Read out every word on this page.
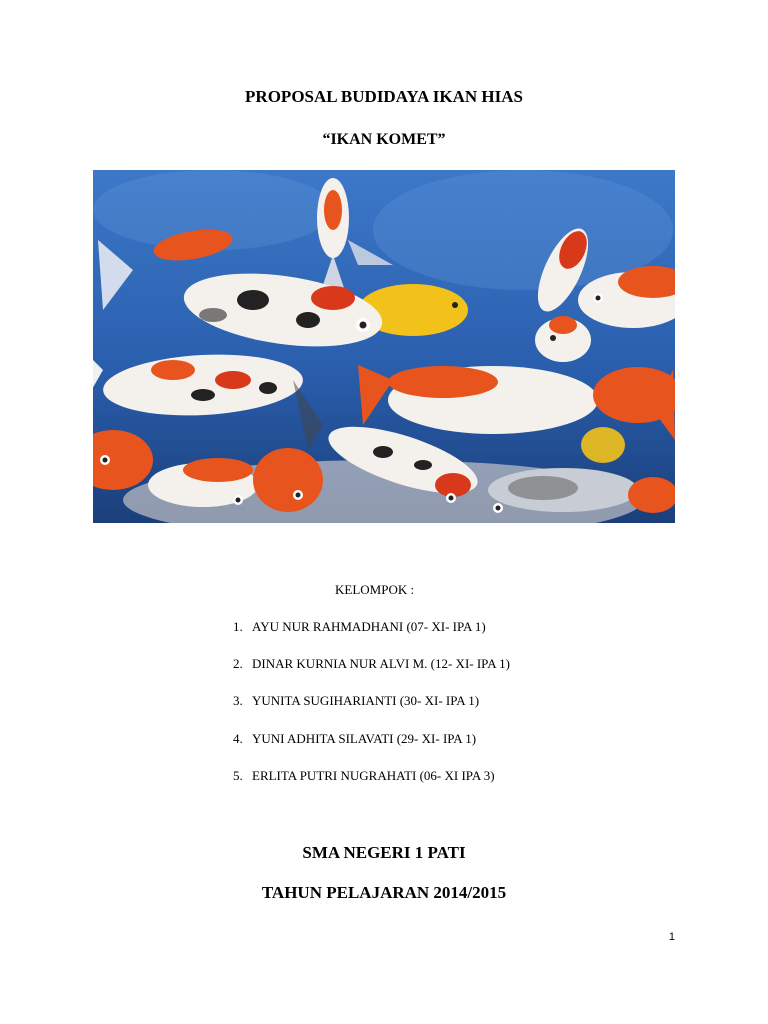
PROPOSAL BUDIDAYA IKAN HIAS
“IKAN KOMET”
KELOMPOK :
1. AYU NUR RAHMADHANI (07- XI- IPA 1)
2. DINAR KURNIA NUR ALVI M. (12- XI- IPA 1)
3. YUNITA SUGIHARIANTI (30- XI- IPA 1)
4. YUNI ADHITA SILAVATI (29- XI- IPA 1)
5. ERLITA PUTRI NUGRAHATI (06- XI IPA 3)
SMA NEGERI 1 PATI
TAHUN PELAJARAN 2014/2015
1
